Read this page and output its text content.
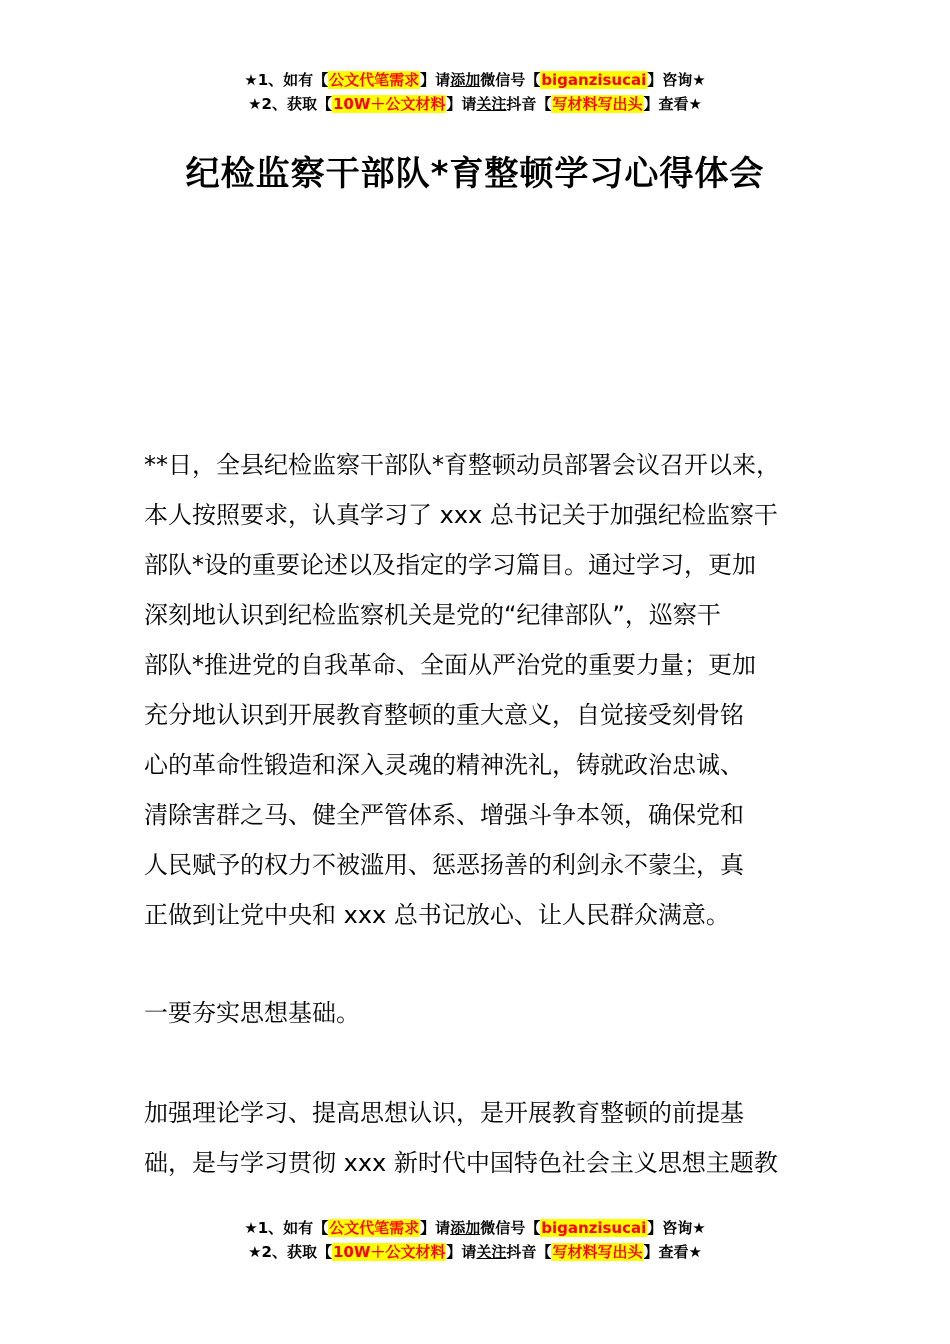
★1、如有【公文代笔需求】请添加微信号【biganzisucai】咨询★
★2、获取【10W＋公文材料】请关注抖音【写材料写出头】查看★
纪检监察干部队*育整顿学习心得体会
**日，全县纪检监察干部队*育整顿动员部署会议召开以来，
本人按照要求，认真学习了 xxx 总书记关于加强纪检监察干
部队*设的重要论述以及指定的学习篇目。通过学习，更加
深刻地认识到纪检监察机关是党的“纪律部队”，巡察干
部队*推进党的自我革命、全面从严治党的重要力量；更加
充分地认识到开展教育整顿的重大意义，自觉接受刻骨铭
心的革命性锻造和深入灵魂的精神洗礼，铸就政治忠诚、
清除害群之马、健全严管体系、增强斗争本领，确保党和
人民赋予的权力不被滥用、惩恶扬善的利剑永不蒙尘，真
正做到让党中央和 xxx 总书记放心、让人民群众满意。
一要夯实思想基础。
加强理论学习、提高思想认识，是开展教育整顿的前提基
础，是与学习贯彻 xxx 新时代中国特色社会主义思想主题教
★1、如有【公文代笔需求】请添加微信号【biganzisucai】咨询★
★2、获取【10W＋公文材料】请关注抖音【写材料写出头】查看★
